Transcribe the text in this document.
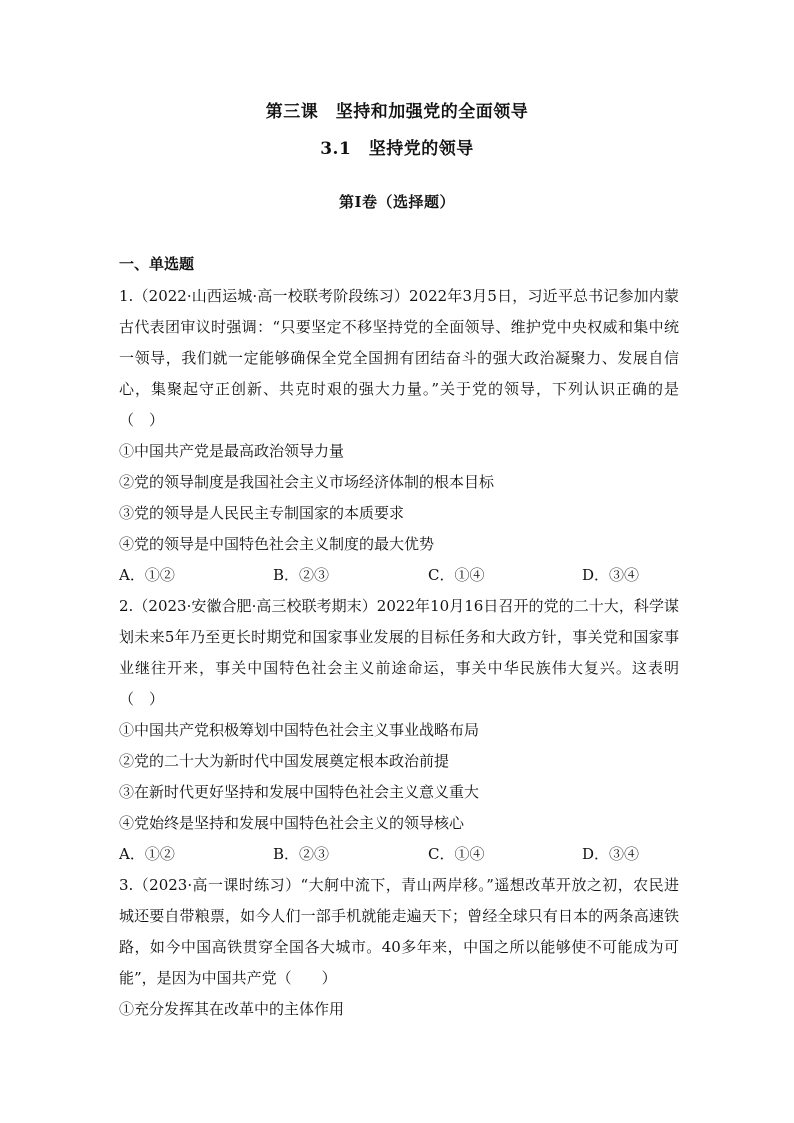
第三课　坚持和加强党的全面领导
3.1　坚持党的领导
第I卷（选择题）
一、单选题

1.（2022·山西运城·高一校联考阶段练习）2022年3月5日，习近平总书记参加内蒙古代表团审议时强调：“只要坚定不移坚持党的全面领导、维护党中央权威和集中统一领导，我们就一定能够确保全党全国拥有团结奋斗的强大政治凝聚力、发展自信心，集聚起守正创新、共克时艰的强大力量。”关于党的领导，下列认识正确的是（　）

①中国共产党是最高政治领导力量

②党的领导制度是我国社会主义市场经济体制的根本目标

③党的领导是人民民主专制国家的本质要求

④党的领导是中国特色社会主义制度的最大优势

A．①②	B．②③	C．①④	D．③④

2.（2023·安徽合肥·高三校联考期末）2022年10月16日召开的党的二十大，科学谋划未来5年乃至更长时期党和国家事业发展的目标任务和大政方针，事关党和国家事业继往开来，事关中国特色社会主义前途命运，事关中华民族伟大复兴。这表明（　）

①中国共产党积极筹划中国特色社会主义事业战略布局

②党的二十大为新时代中国发展奠定根本政治前提

③在新时代更好坚持和发展中国特色社会主义意义重大

④党始终是坚持和发展中国特色社会主义的领导核心

A．①②	B．②③	C．①④	D．③④

3.（2023·高一课时练习）“大舸中流下，青山两岸移。”遥想改革开放之初，农民进城还要自带粮票，如今人们一部手机就能走遍天下；曾经全球只有日本的两条高速铁路，如今中国高铁贯穿全国各大城市。40多年来，中国之所以能够使不可能成为可能”，是因为中国共产党（　　）

①充分发挥其在改革中的主体作用
